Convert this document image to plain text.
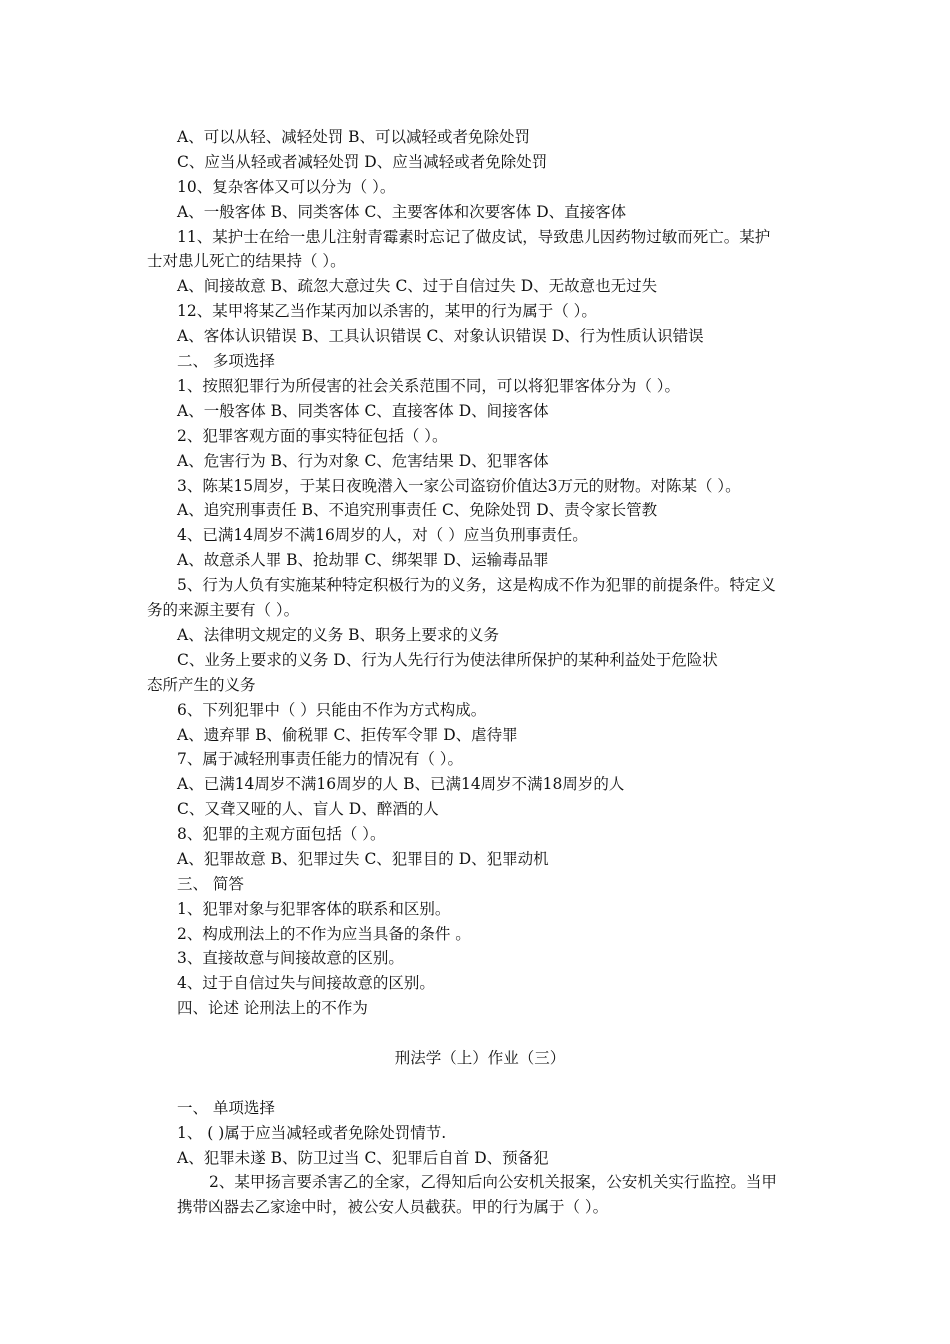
A、可以从轻、减轻处罚 B、可以减轻或者免除处罚
C、应当从轻或者减轻处罚 D、应当减轻或者免除处罚
10、复杂客体又可以分为（ ）。
A、一般客体 B、同类客体 C、主要客体和次要客体 D、直接客体
11、某护士在给一患儿注射青霉素时忘记了做皮试，导致患儿因药物过敏而死亡。某护
士对患儿死亡的结果持（ ）。
A、间接故意 B、疏忽大意过失 C、过于自信过失 D、无故意也无过失
12、某甲将某乙当作某丙加以杀害的，某甲的行为属于（ ）。
A、客体认识错误 B、工具认识错误 C、对象认识错误 D、行为性质认识错误
二、 多项选择
1、按照犯罪行为所侵害的社会关系范围不同，可以将犯罪客体分为（ ）。
A、一般客体 B、同类客体 C、直接客体 D、间接客体
2、犯罪客观方面的事实特征包括（ ）。
A、危害行为 B、行为对象 C、危害结果 D、犯罪客体
3、陈某15周岁，于某日夜晚潜入一家公司盗窃价值达3万元的财物。对陈某（ ）。
A、追究刑事责任 B、不追究刑事责任 C、免除处罚 D、责令家长管教
4、已满14周岁不满16周岁的人，对（ ）应当负刑事责任。
A、故意杀人罪 B、抢劫罪 C、绑架罪 D、运输毒品罪
5、行为人负有实施某种特定积极行为的义务，这是构成不作为犯罪的前提条件。特定义
务的来源主要有（ ）。
A、法律明文规定的义务 B、职务上要求的义务
C、业务上要求的义务 D、行为人先行行为使法律所保护的某种利益处于危险状
态所产生的义务
6、下列犯罪中（ ）只能由不作为方式构成。
A、遗弃罪 B、偷税罪 C、拒传军令罪 D、虐待罪
7、属于减轻刑事责任能力的情况有（ ）。
A、已满14周岁不满16周岁的人 B、已满14周岁不满18周岁的人
C、又聋又哑的人、盲人 D、醉酒的人
8、犯罪的主观方面包括（ ）。
A、犯罪故意 B、犯罪过失 C、犯罪目的 D、犯罪动机
三、 简答
1、犯罪对象与犯罪客体的联系和区别。
2、构成刑法上的不作为应当具备的条件 。
3、直接故意与间接故意的区别。
4、过于自信过失与间接故意的区别。
四、论述 论刑法上的不作为
刑法学（上）作业（三）
一、 单项选择
1、 ( )属于应当减轻或者免除处罚情节.
A、犯罪未遂 B、防卫过当 C、犯罪后自首 D、预备犯
2、某甲扬言要杀害乙的全家，乙得知后向公安机关报案，公安机关实行监控。当甲
携带凶器去乙家途中时，被公安人员截获。甲的行为属于（ ）。
